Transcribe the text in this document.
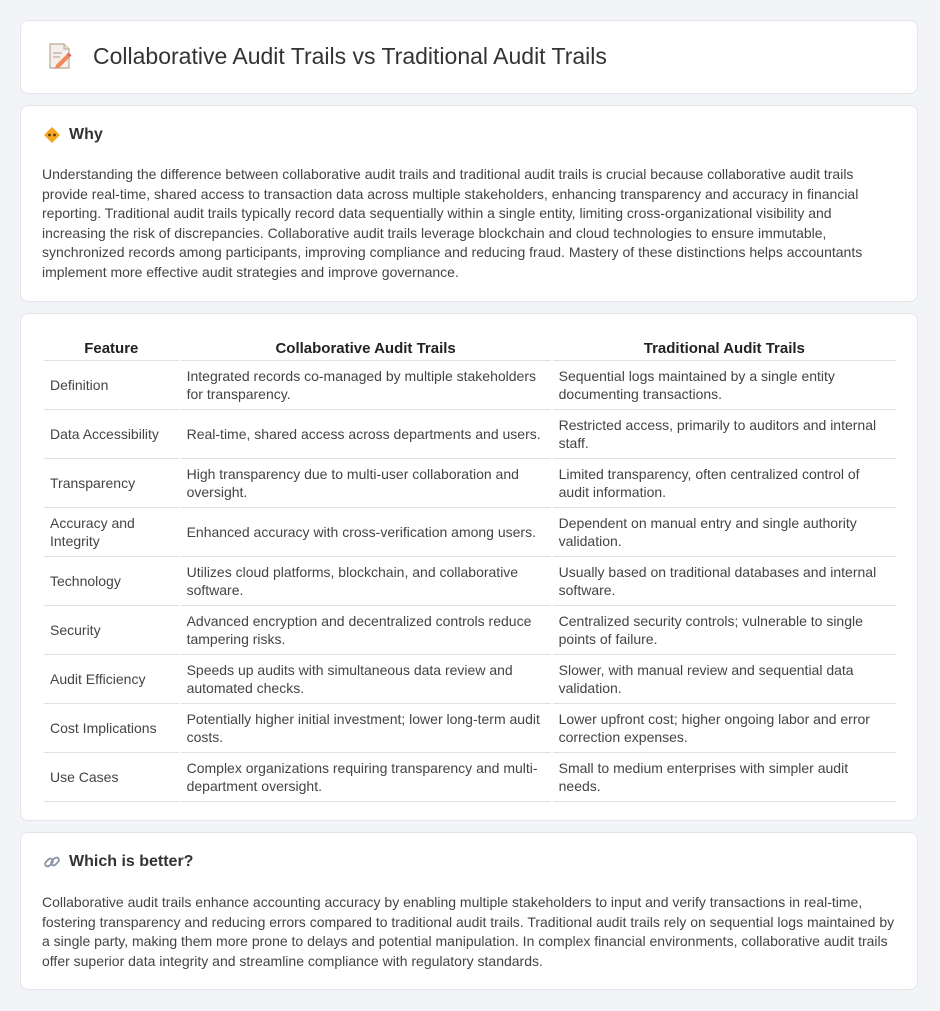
Collaborative Audit Trails vs Traditional Audit Trails
Why

Understanding the difference between collaborative audit trails and traditional audit trails is crucial because collaborative audit trails provide real-time, shared access to transaction data across multiple stakeholders, enhancing transparency and accuracy in financial reporting. Traditional audit trails typically record data sequentially within a single entity, limiting cross-organizational visibility and increasing the risk of discrepancies. Collaborative audit trails leverage blockchain and cloud technologies to ensure immutable, synchronized records among participants, improving compliance and reducing fraud. Mastery of these distinctions helps accountants implement more effective audit strategies and improve governance.

Feature	Collaborative Audit Trails	Traditional Audit Trails
Definition	Integrated records co-managed by multiple stakeholders for transparency.	Sequential logs maintained by a single entity documenting transactions.
Data Accessibility	Real-time, shared access across departments and users.	Restricted access, primarily to auditors and internal staff.
Transparency	High transparency due to multi-user collaboration and oversight.	Limited transparency, often centralized control of audit information.
Accuracy and Integrity	Enhanced accuracy with cross-verification among users.	Dependent on manual entry and single authority validation.
Technology	Utilizes cloud platforms, blockchain, and collaborative software.	Usually based on traditional databases and internal software.
Security	Advanced encryption and decentralized controls reduce tampering risks.	Centralized security controls; vulnerable to single points of failure.
Audit Efficiency	Speeds up audits with simultaneous data review and automated checks.	Slower, with manual review and sequential data validation.
Cost Implications	Potentially higher initial investment; lower long-term audit costs.	Lower upfront cost; higher ongoing labor and error correction expenses.
Use Cases	Complex organizations requiring transparency and multi-department oversight.	Small to medium enterprises with simpler audit needs.
Which is better?

Collaborative audit trails enhance accounting accuracy by enabling multiple stakeholders to input and verify transactions in real-time, fostering transparency and reducing errors compared to traditional audit trails. Traditional audit trails rely on sequential logs maintained by a single party, making them more prone to delays and potential manipulation. In complex financial environments, collaborative audit trails offer superior data integrity and streamline compliance with regulatory standards.
